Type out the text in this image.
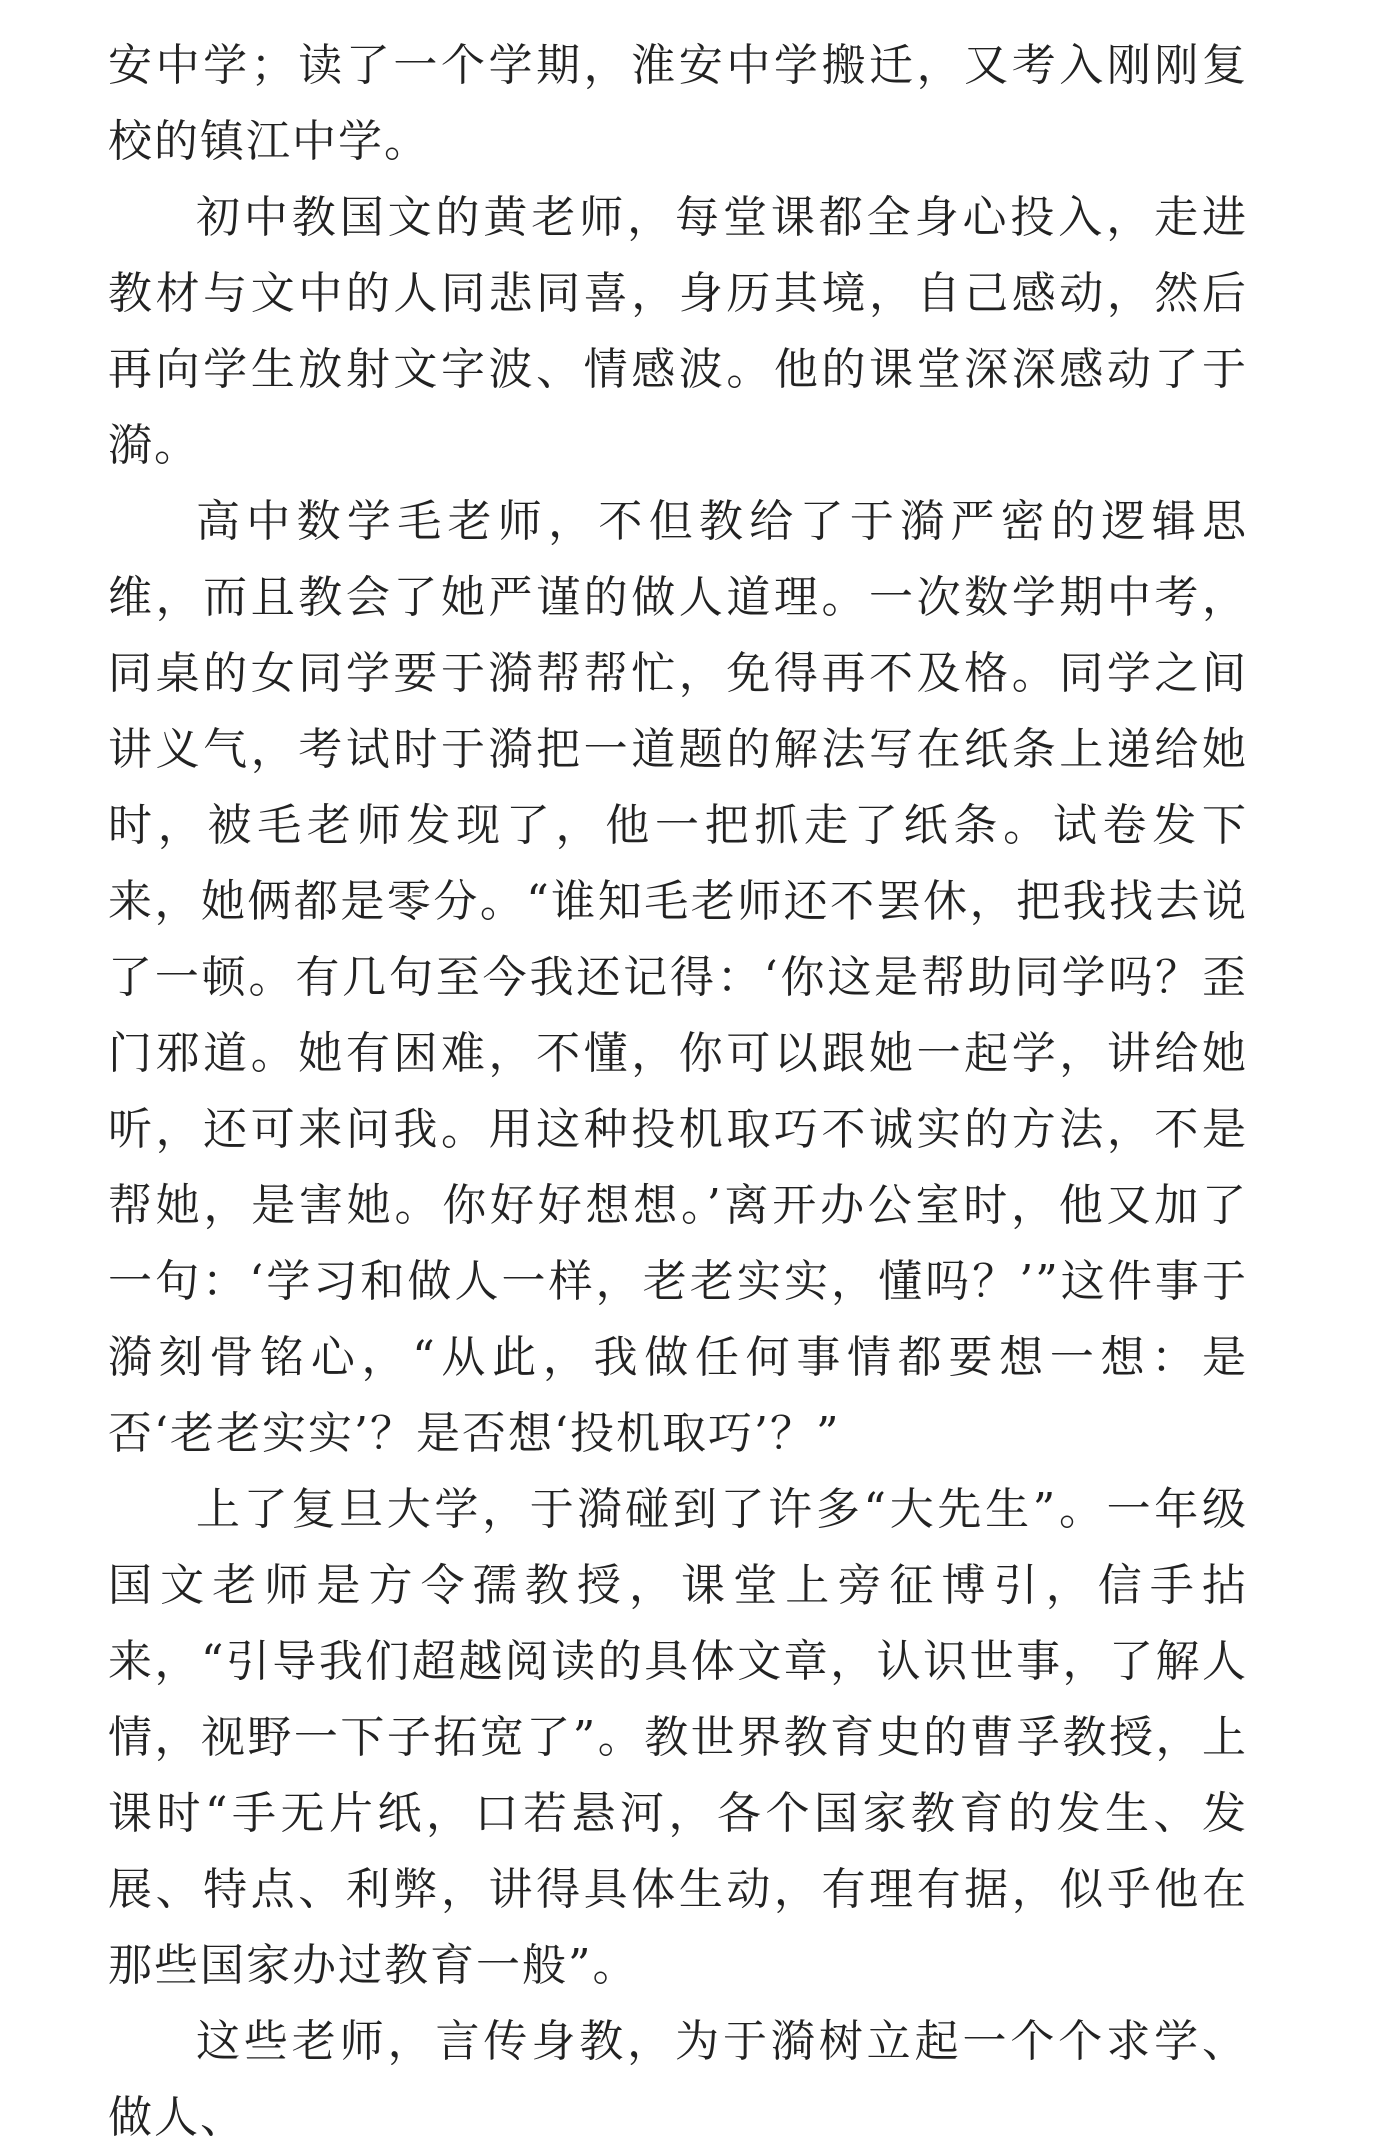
安中学；读了一个学期，淮安中学搬迁，又考入刚刚复校的镇江中学。

初中教国文的黄老师，每堂课都全身心投入，走进教材与文中的人同悲同喜，身历其境，自己感动，然后再向学生放射文字波、情感波。他的课堂深深感动了于漪。

高中数学毛老师，不但教给了于漪严密的逻辑思维，而且教会了她严谨的做人道理。一次数学期中考，同桌的女同学要于漪帮帮忙，免得再不及格。同学之间讲义气，考试时于漪把一道题的解法写在纸条上递给她时，被毛老师发现了，他一把抓走了纸条。试卷发下来，她俩都是零分。“谁知毛老师还不罢休，把我找去说了一顿。有几句至今我还记得：‘你这是帮助同学吗？歪门邪道。她有困难，不懂，你可以跟她一起学，讲给她听，还可来问我。用这种投机取巧不诚实的方法，不是帮她，是害她。你好好想想。’离开办公室时，他又加了一句：‘学习和做人一样，老老实实，懂吗？’”这件事于漪刻骨铭心，“从此，我做任何事情都要想一想：是否‘老老实实’？是否想‘投机取巧’？”

上了复旦大学，于漪碰到了许多“大先生”。一年级国文老师是方令孺教授，课堂上旁征博引，信手拈来，“引导我们超越阅读的具体文章，认识世事，了解人情，视野一下子拓宽了”。教世界教育史的曹孚教授，上课时“手无片纸，口若悬河，各个国家教育的发生、发展、特点、利弊，讲得具体生动，有理有据，似乎他在那些国家办过教育一般”。

这些老师，言传身教，为于漪树立起一个个求学、做人、
